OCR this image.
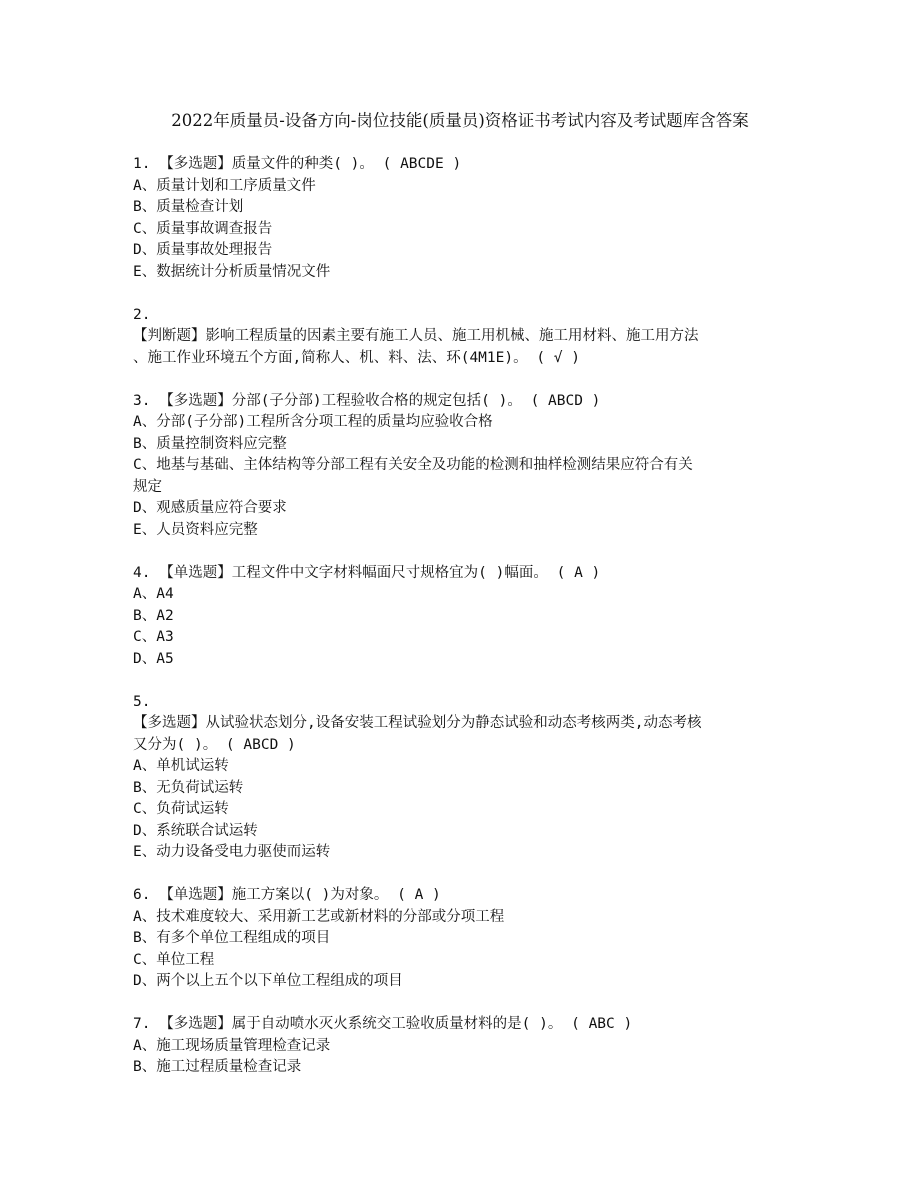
2022年质量员-设备方向-岗位技能(质量员)资格证书考试内容及考试题库含答案
1. 【多选题】质量文件的种类( )。 ( ABCDE )
A、质量计划和工序质量文件
B、质量检查计划
C、质量事故调查报告
D、质量事故处理报告
E、数据统计分析质量情况文件
2.
【判断题】影响工程质量的因素主要有施工人员、施工用机械、施工用材料、施工用方法
、施工作业环境五个方面,简称人、机、料、法、环(4M1E)。 ( √ )
3. 【多选题】分部(子分部)工程验收合格的规定包括( )。 ( ABCD )
A、分部(子分部)工程所含分项工程的质量均应验收合格
B、质量控制资料应完整
C、地基与基础、主体结构等分部工程有关安全及功能的检测和抽样检测结果应符合有关
规定
D、观感质量应符合要求
E、人员资料应完整
4. 【单选题】工程文件中文字材料幅面尺寸规格宜为( )幅面。 ( A )
A、A4
B、A2
C、A3
D、A5
5.
【多选题】从试验状态划分,设备安装工程试验划分为静态试验和动态考核两类,动态考核
又分为( )。 ( ABCD )
A、单机试运转
B、无负荷试运转
C、负荷试运转
D、系统联合试运转
E、动力设备受电力驱使而运转
6. 【单选题】施工方案以( )为对象。 ( A )
A、技术难度较大、采用新工艺或新材料的分部或分项工程
B、有多个单位工程组成的项目
C、单位工程
D、两个以上五个以下单位工程组成的项目
7. 【多选题】属于自动喷水灭火系统交工验收质量材料的是( )。 ( ABC )
A、施工现场质量管理检查记录
B、施工过程质量检查记录
